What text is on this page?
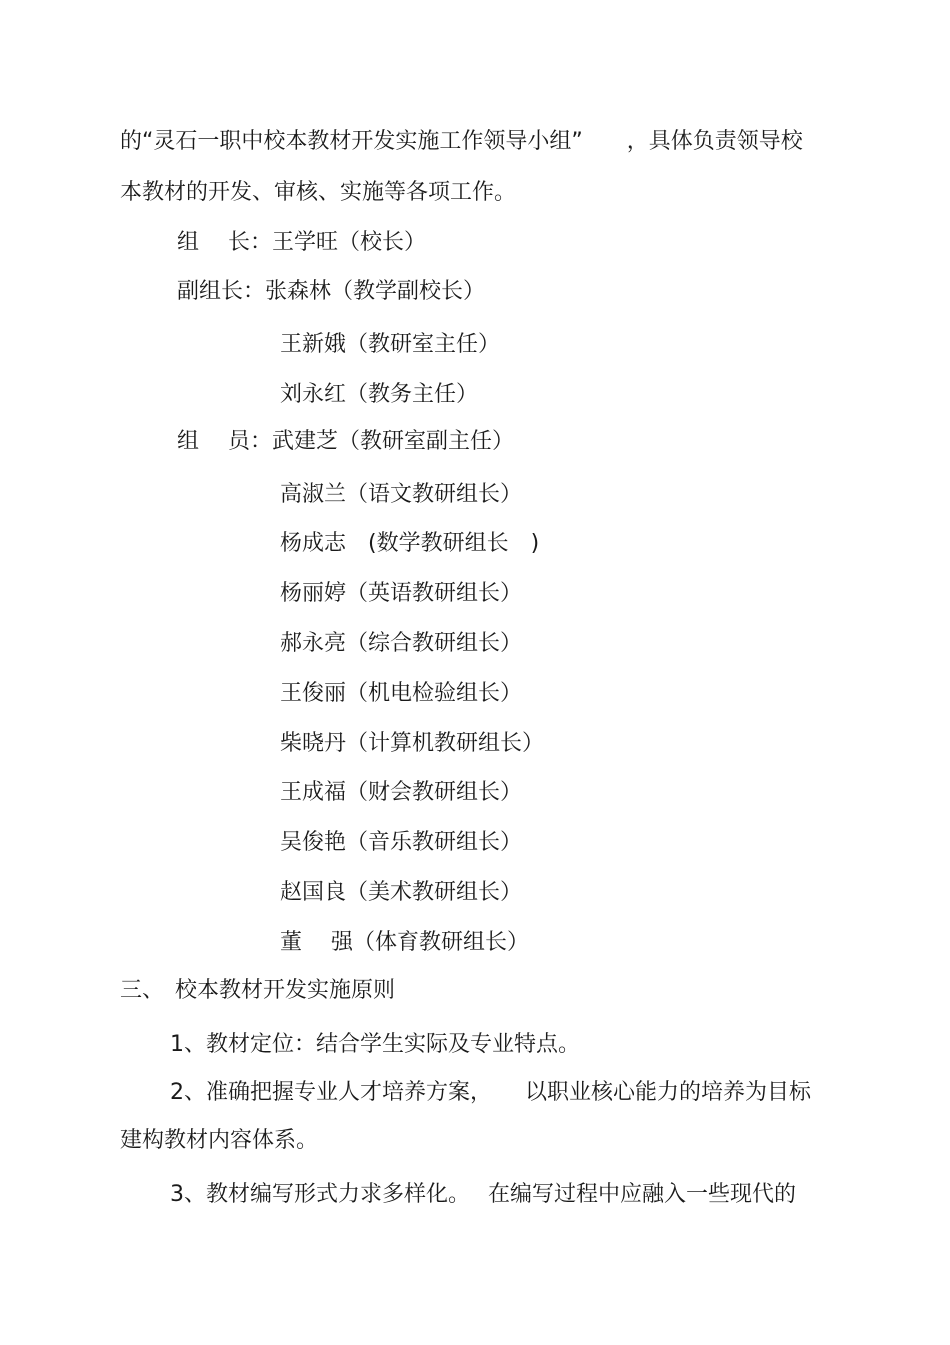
的“灵石一职中校本教材开发实施工作领导小组”　　，具体负责领导校
本教材的开发、审核、实施等各项工作。
组　 长：王学旺（校长）
副组长：张森林（教学副校长）
王新娥（教研室主任）
刘永红（教务主任）
组　 员：武建芝（教研室副主任）
高淑兰（语文教研组长）
杨成志　(数学教研组长　)
杨丽婷（英语教研组长）
郝永亮（综合教研组长）
王俊丽（机电检验组长）
柴晓丹（计算机教研组长）
王成福（财会教研组长）
吴俊艳（音乐教研组长）
赵国良（美术教研组长）
董　 强（体育教研组长）
三、　校本教材开发实施原则
1、教材定位：结合学生实际及专业特点。
2、准确把握专业人才培养方案，　　以职业核心能力的培养为目标
建构教材内容体系。
3、教材编写形式力求多样化。　 在编写过程中应融入一些现代的
